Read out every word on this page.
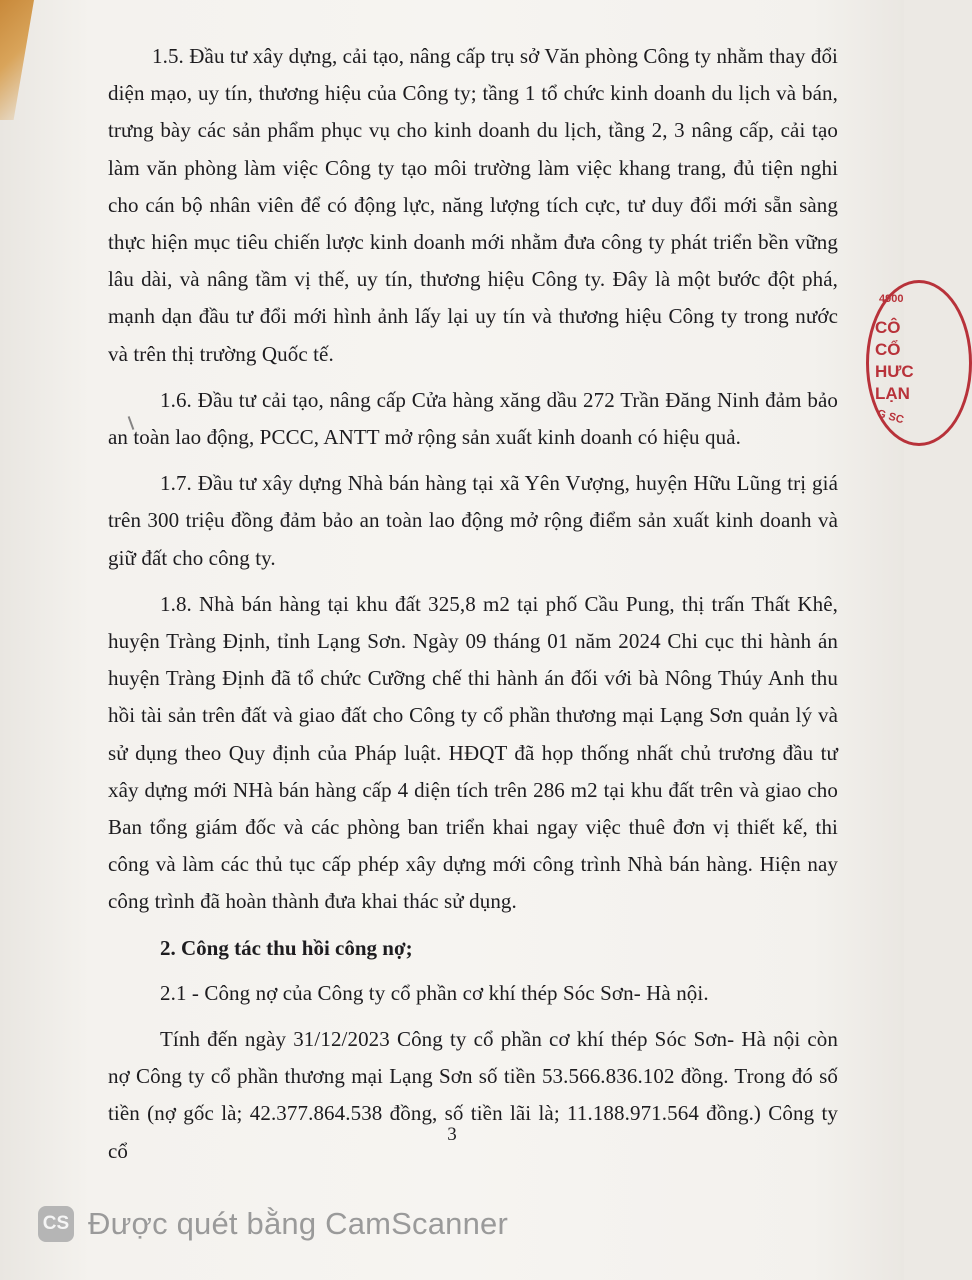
1.5. Đầu tư xây dựng, cải tạo, nâng cấp trụ sở Văn phòng Công ty nhằm thay đổi diện mạo, uy tín, thương hiệu của Công ty; tầng 1 tổ chức kinh doanh du lịch và bán, trưng bày các sản phẩm phục vụ cho kinh doanh du lịch, tầng 2, 3 nâng cấp, cải tạo làm văn phòng làm việc Công ty tạo môi trường làm việc khang trang, đủ tiện nghi cho cán bộ nhân viên để có động lực, năng lượng tích cực, tư duy đổi mới sẵn sàng thực hiện mục tiêu chiến lược kinh doanh mới nhằm đưa công ty phát triển bền vững lâu dài, và nâng tầm vị thế, uy tín, thương hiệu Công ty. Đây là một bước đột phá, mạnh dạn đầu tư đổi mới hình ảnh lấy lại uy tín và thương hiệu Công ty trong nước và trên thị trường Quốc tế.

1.6. Đầu tư cải tạo, nâng cấp Cửa hàng xăng dầu 272 Trần Đăng Ninh đảm bảo an toàn lao động, PCCC, ANTT mở rộng sản xuất kinh doanh có hiệu quả.

1.7. Đầu tư xây dựng Nhà bán hàng tại xã Yên Vượng, huyện Hữu Lũng trị giá trên 300 triệu đồng đảm bảo an toàn lao động mở rộng điểm sản xuất kinh doanh và giữ đất cho công ty.

1.8. Nhà bán hàng tại khu đất 325,8 m2 tại phố Cầu Pung, thị trấn Thất Khê, huyện Tràng Định, tỉnh Lạng Sơn. Ngày 09 tháng 01 năm 2024 Chi cục thi hành án huyện Tràng Định đã tổ chức Cưỡng chế thi hành án đối với bà Nông Thúy Anh thu hồi tài sản trên đất và giao đất cho Công ty cổ phần thương mại Lạng Sơn quản lý và sử dụng theo Quy định của Pháp luật. HĐQT đã họp thống nhất chủ trương đầu tư xây dựng mới NHà bán hàng cấp 4 diện tích trên 286 m2 tại khu đất trên và giao cho Ban tổng giám đốc và các phòng ban triển khai ngay việc thuê đơn vị thiết kế, thi công và làm các thủ tục cấp phép xây dựng mới công trình Nhà bán hàng. Hiện nay công trình đã hoàn thành đưa khai thác sử dụng.

2. Công tác thu hồi công nợ;

2.1 - Công nợ của Công ty cổ phần cơ khí thép Sóc Sơn- Hà nội.

Tính đến ngày 31/12/2023 Công ty cổ phần cơ khí thép Sóc Sơn- Hà nội còn nợ Công ty cổ phần thương mại Lạng Sơn số tiền 53.566.836.102 đồng. Trong đó số tiền (nợ gốc là; 42.377.864.538 đồng, số tiền lãi là; 11.188.971.564 đồng.) Công ty cổ

3
4900
CÔ
CỔ
HƯC
LẠN
G SC
CS Được quét bằng CamScanner
